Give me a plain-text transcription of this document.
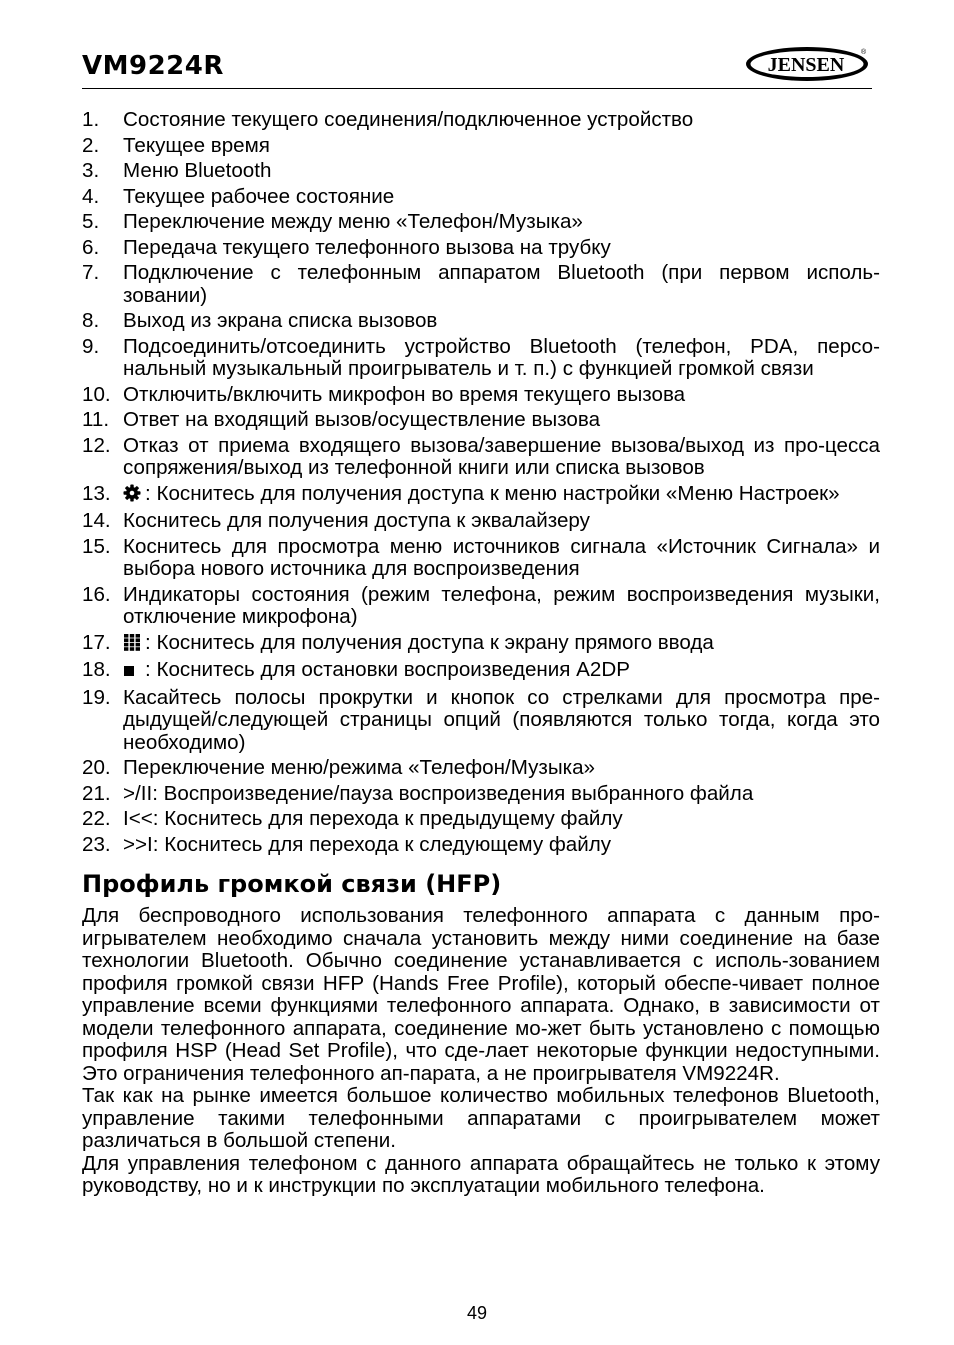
VM9224R	JENSEN
®
1. Состояние текущего соединения/подключенное устройство
2. Текущее время
3. Меню Bluetooth
4. Текущее рабочее состояние
5. Переключение между меню «Телефон/Музыка»
6. Передача текущего телефонного вызова на трубку
7. Подключение с телефонным аппаратом Bluetooth (при первом исполь-зовании)
8. Выход из экрана списка вызовов
9. Подсоединить/отсоединить устройство Bluetooth (телефон, PDA, персо-нальный музыкальный проигрыватель и т. п.) с функцией громкой связи
10. Отключить/включить микрофон во время текущего вызова
11. Ответ на входящий вызов/осуществление вызова
12. Отказ от приема входящего вызова/завершение вызова/выход из про-цесса сопряжения/выход из телефонной книги или списка вызовов
13. : Коснитесь для получения доступа к меню настройки «Меню Настроек»
14. Коснитесь для получения доступа к эквалайзеру
15. Коснитесь для просмотра меню источников сигнала «Источник Сигнала» и выбора нового источника для воспроизведения
16. Индикаторы состояния (режим телефона, режим воспроизведения музыки, отключение микрофона)
17. : Коснитесь для получения доступа к экрану прямого ввода
18. : Коснитесь для остановки воспроизведения A2DP
19. Касайтесь полосы прокрутки и кнопок со стрелками для просмотра пре-дыдущей/следующей страницы опций (появляются только тогда, когда это необходимо)
20. Переключение меню/режима «Телефон/Музыка»
21. >/II: Воспроизведение/пауза воспроизведения выбранного файла
22. I<<: Коснитесь для перехода к предыдущему файлу
23. >>I: Коснитесь для перехода к следующему файлу
Профиль громкой связи (HFP)

Для беспроводного использования телефонного аппарата с данным про-игрывателем необходимо сначала установить между ними соединение на базе технологии Bluetooth. Обычно соединение устанавливается с исполь-зованием профиля громкой связи HFP (Hands Free Profile), который обеспе-чивает полное управление всеми функциями телефонного аппарата. Однако, в зависимости от модели телефонного аппарата, соединение мо-жет быть установлено с помощью профиля HSP (Head Set Profile), что сде-лает некоторые функции недоступными. Это ограничения телефонного ап-парата, а не проигрывателя VM9224R.

Так как на рынке имеется большое количество мобильных телефонов Bluetooth, управление такими телефонными аппаратами с проигрывателем может различаться в большой степени.

Для управления телефоном с данного аппарата обращайтесь не только к этому руководству, но и к инструкции по эксплуатации мобильного телефона.

49
